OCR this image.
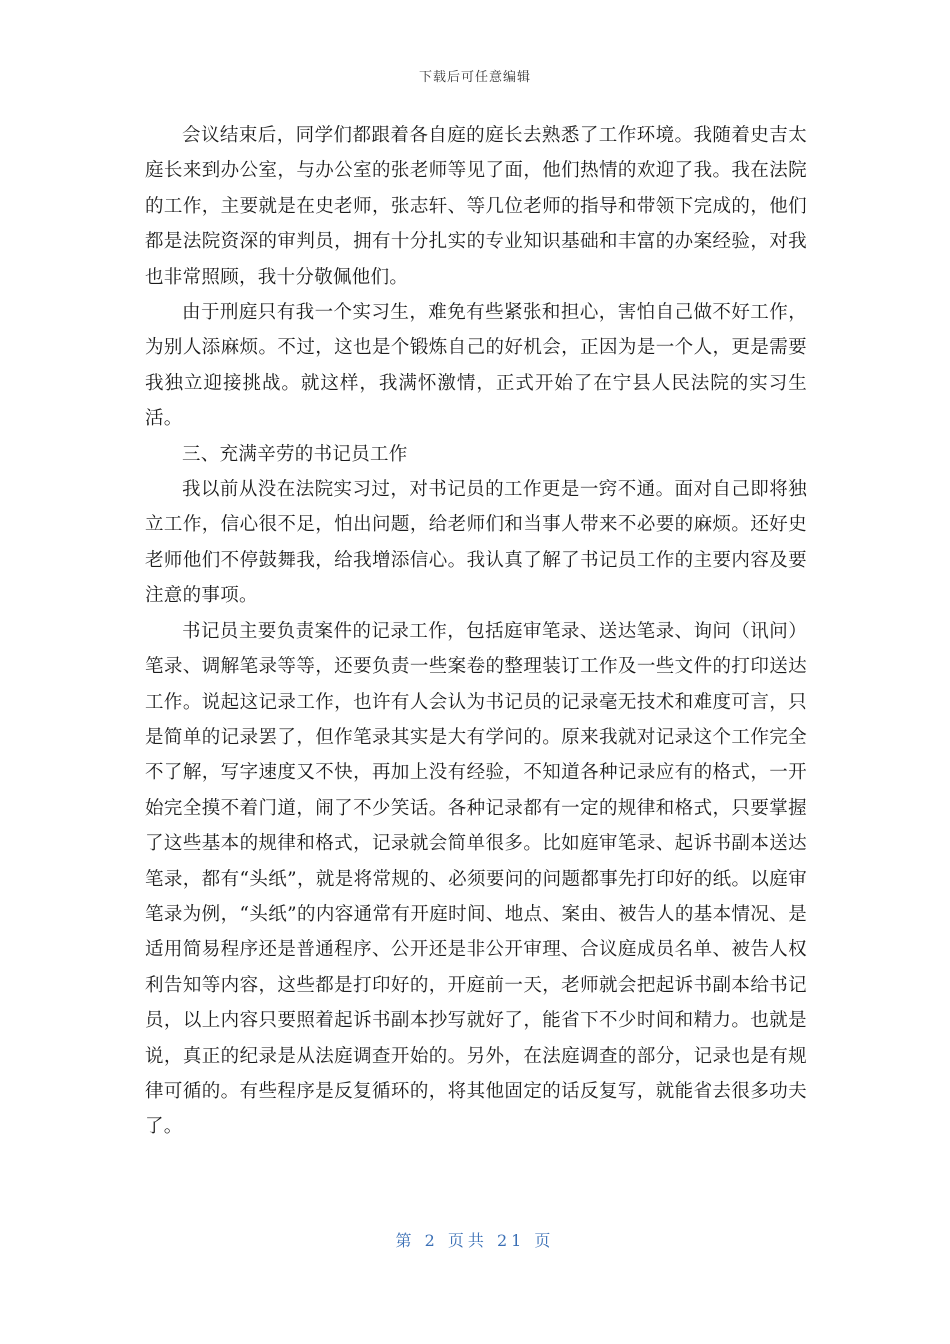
下载后可任意编辑

会议结束后，同学们都跟着各自庭的庭长去熟悉了工作环境。我随着史吉太庭长来到办公室，与办公室的张老师等见了面，他们热情的欢迎了我。我在法院的工作，主要就是在史老师，张志轩、等几位老师的指导和带领下完成的，他们都是法院资深的审判员，拥有十分扎实的专业知识基础和丰富的办案经验，对我也非常照顾，我十分敬佩他们。

由于刑庭只有我一个实习生，难免有些紧张和担心，害怕自己做不好工作，为别人添麻烦。不过，这也是个锻炼自己的好机会，正因为是一个人，更是需要我独立迎接挑战。就这样，我满怀激情，正式开始了在宁县人民法院的实习生活。

三、充满辛劳的书记员工作

我以前从没在法院实习过，对书记员的工作更是一窍不通。面对自己即将独立工作，信心很不足，怕出问题，给老师们和当事人带来不必要的麻烦。还好史老师他们不停鼓舞我，给我增添信心。我认真了解了书记员工作的主要内容及要注意的事项。

书记员主要负责案件的记录工作，包括庭审笔录、送达笔录、询问（讯问）笔录、调解笔录等等，还要负责一些案卷的整理装订工作及一些文件的打印送达工作。说起这记录工作，也许有人会认为书记员的记录毫无技术和难度可言，只是简单的记录罢了，但作笔录其实是大有学问的。原来我就对记录这个工作完全不了解，写字速度又不快，再加上没有经验，不知道各种记录应有的格式，一开始完全摸不着门道，闹了不少笑话。各种记录都有一定的规律和格式，只要掌握了这些基本的规律和格式，记录就会简单很多。比如庭审笔录、起诉书副本送达笔录，都有“头纸”，就是将常规的、必须要问的问题都事先打印好的纸。以庭审笔录为例，“头纸”的内容通常有开庭时间、地点、案由、被告人的基本情况、是适用简易程序还是普通程序、公开还是非公开审理、合议庭成员名单、被告人权利告知等内容，这些都是打印好的，开庭前一天，老师就会把起诉书副本给书记员，以上内容只要照着起诉书副本抄写就好了，能省下不少时间和精力。也就是说，真正的纪录是从法庭调查开始的。另外，在法庭调查的部分，记录也是有规律可循的。有些程序是反复循环的，将其他固定的话反复写，就能省去很多功夫了。

第 2 页共 21 页
